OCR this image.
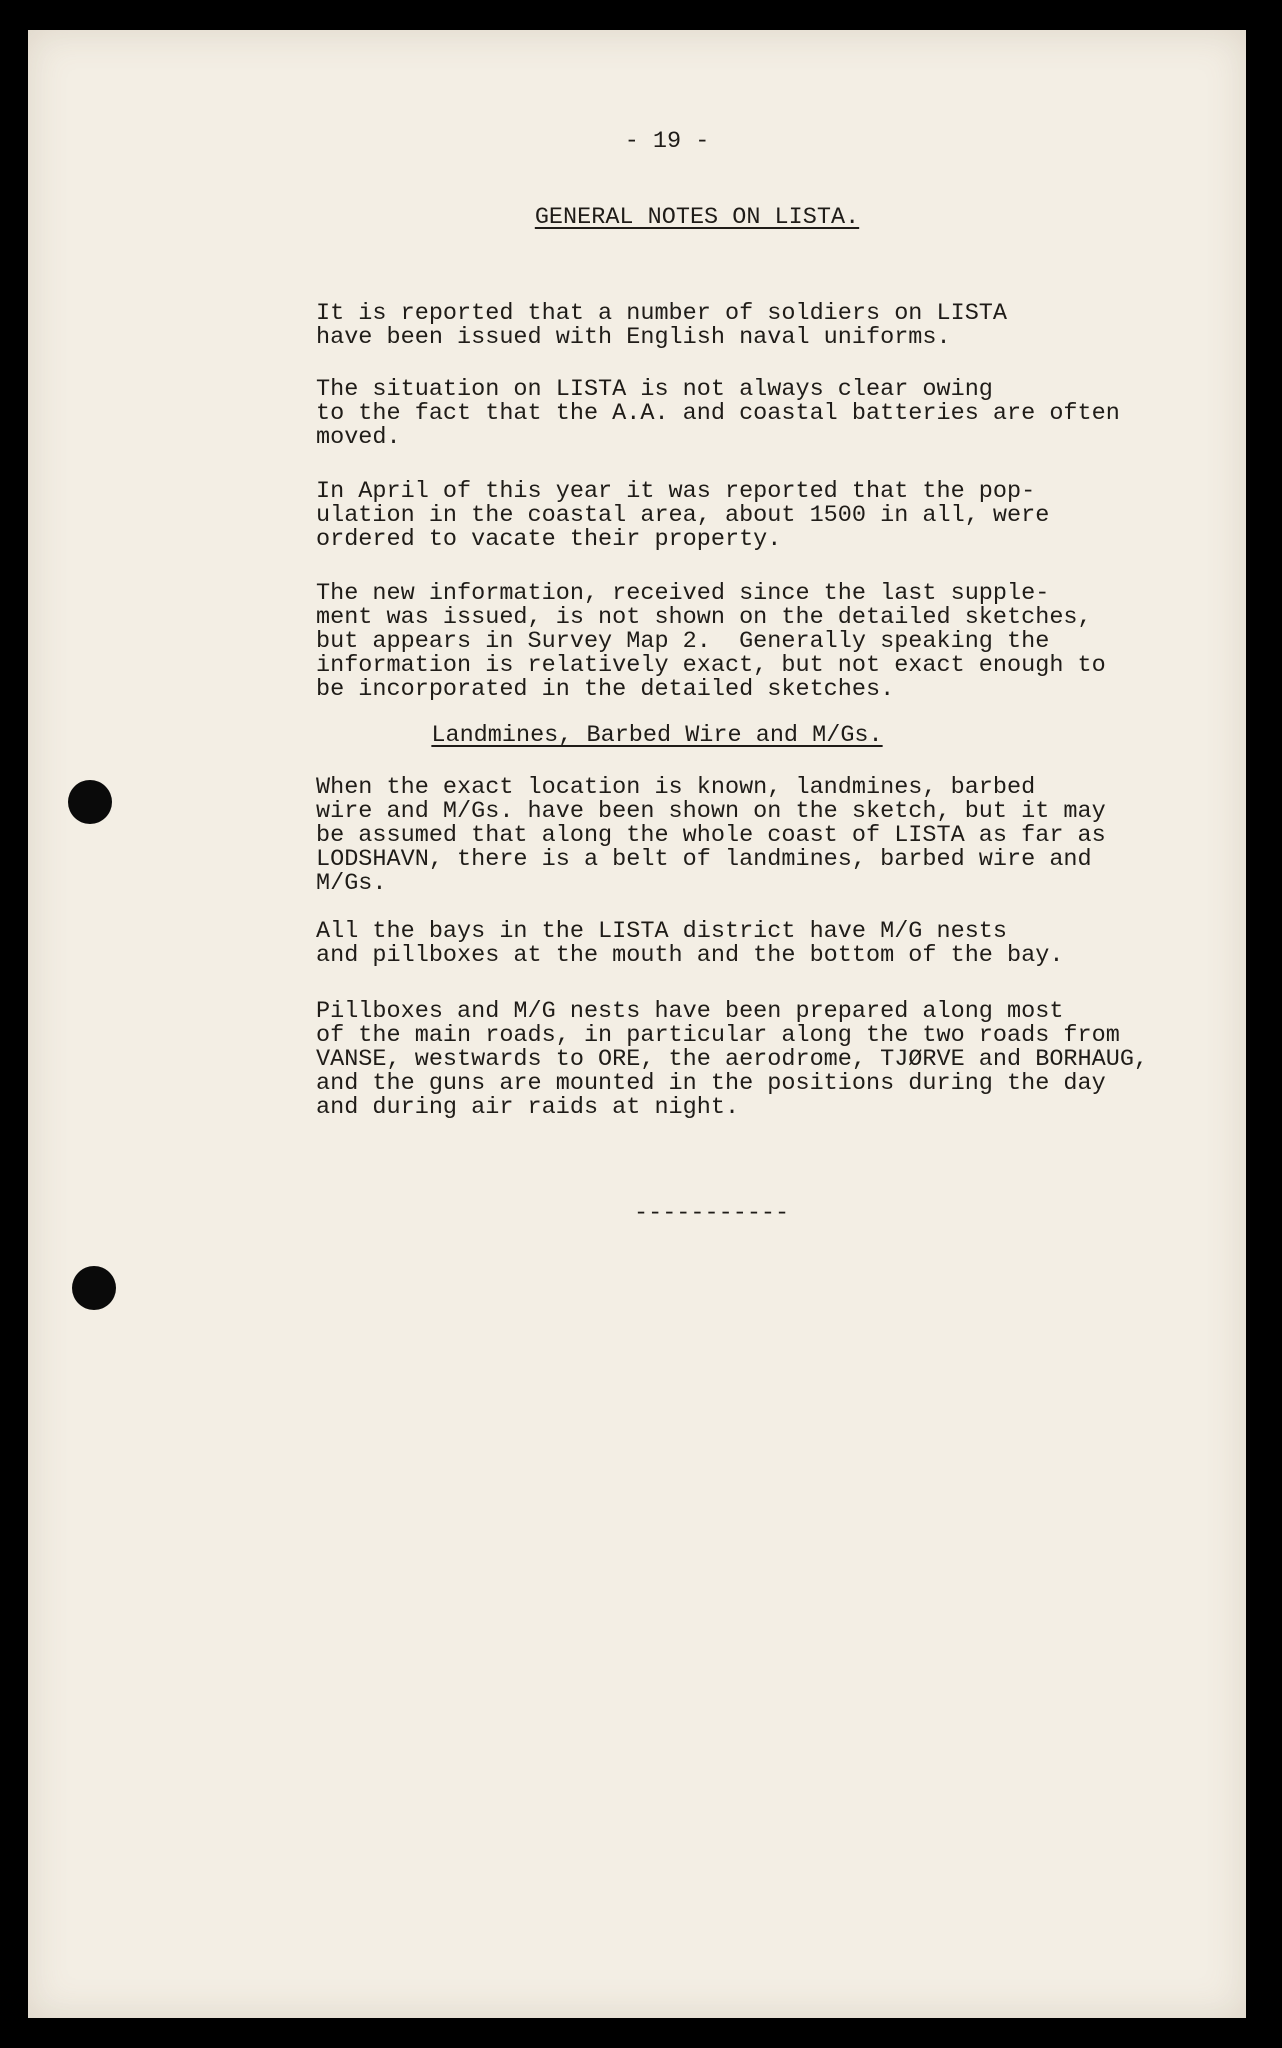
- 19 -
GENERAL NOTES ON LISTA.
It is reported that a number of soldiers on LISTA
have been issued with English naval uniforms.
The situation on LISTA is not always clear owing
to the fact that the A.A. and coastal batteries are often
moved.
In April of this year it was reported that the pop-
ulation in the coastal area, about 1500 in all, were
ordered to vacate their property.
The new information, received since the last supple-
ment was issued, is not shown on the detailed sketches,
but appears in Survey Map 2.  Generally speaking the
information is relatively exact, but not exact enough to
be incorporated in the detailed sketches.
Landmines, Barbed Wire and M/Gs.
When the exact location is known, landmines, barbed
wire and M/Gs. have been shown on the sketch, but it may
be assumed that along the whole coast of LISTA as far as
LODSHAVN, there is a belt of landmines, barbed wire and
M/Gs.
All the bays in the LISTA district have M/G nests
and pillboxes at the mouth and the bottom of the bay.
Pillboxes and M/G nests have been prepared along most
of the main roads, in particular along the two roads from
VANSE, westwards to ORE, the aerodrome, TJØRVE and BORHAUG,
and the guns are mounted in the positions during the day
and during air raids at night.
-----------
